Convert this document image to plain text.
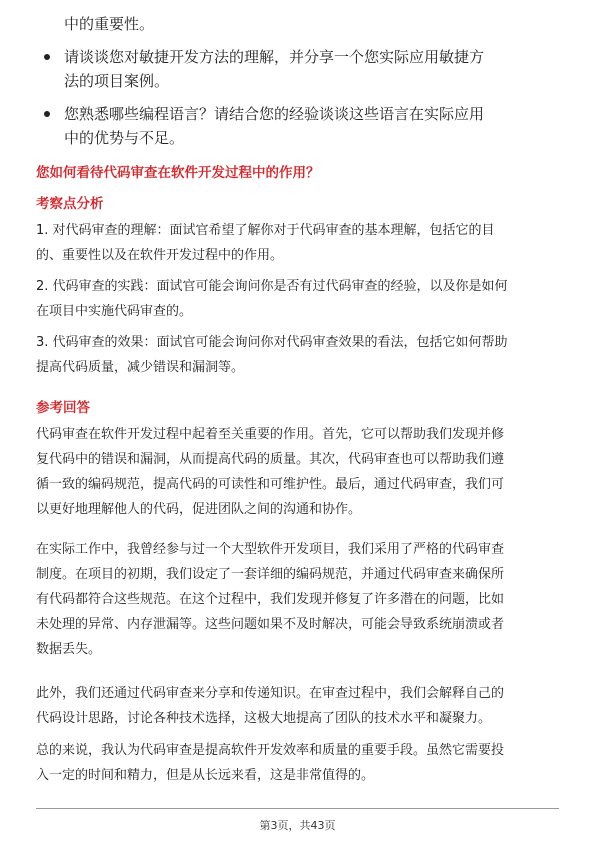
中的重要性。
请谈谈您对敏捷开发方法的理解，并分享一个您实际应用敏捷方
法的项目案例。
您熟悉哪些编程语言？请结合您的经验谈谈这些语言在实际应用
中的优势与不足。
您如何看待代码审查在软件开发过程中的作用？
考察点分析
1. 对代码审查的理解：面试官希望了解你对于代码审查的基本理解，包括它的目
的、重要性以及在软件开发过程中的作用。
2. 代码审查的实践：面试官可能会询问你是否有过代码审查的经验，以及你是如何
在项目中实施代码审查的。
3. 代码审查的效果：面试官可能会询问你对代码审查效果的看法，包括它如何帮助
提高代码质量，减少错误和漏洞等。
参考回答
代码审查在软件开发过程中起着至关重要的作用。首先，它可以帮助我们发现并修
复代码中的错误和漏洞，从而提高代码的质量。其次，代码审查也可以帮助我们遵
循一致的编码规范，提高代码的可读性和可维护性。最后，通过代码审查，我们可
以更好地理解他人的代码，促进团队之间的沟通和协作。
在实际工作中，我曾经参与过一个大型软件开发项目，我们采用了严格的代码审查
制度。在项目的初期，我们设定了一套详细的编码规范，并通过代码审查来确保所
有代码都符合这些规范。在这个过程中，我们发现并修复了许多潜在的问题，比如
未处理的异常、内存泄漏等。这些问题如果不及时解决，可能会导致系统崩溃或者
数据丢失。
此外，我们还通过代码审查来分享和传递知识。在审查过程中，我们会解释自己的
代码设计思路，讨论各种技术选择，这极大地提高了团队的技术水平和凝聚力。
总的来说，我认为代码审查是提高软件开发效率和质量的重要手段。虽然它需要投
入一定的时间和精力，但是从长远来看，这是非常值得的。
第3页，共43页
